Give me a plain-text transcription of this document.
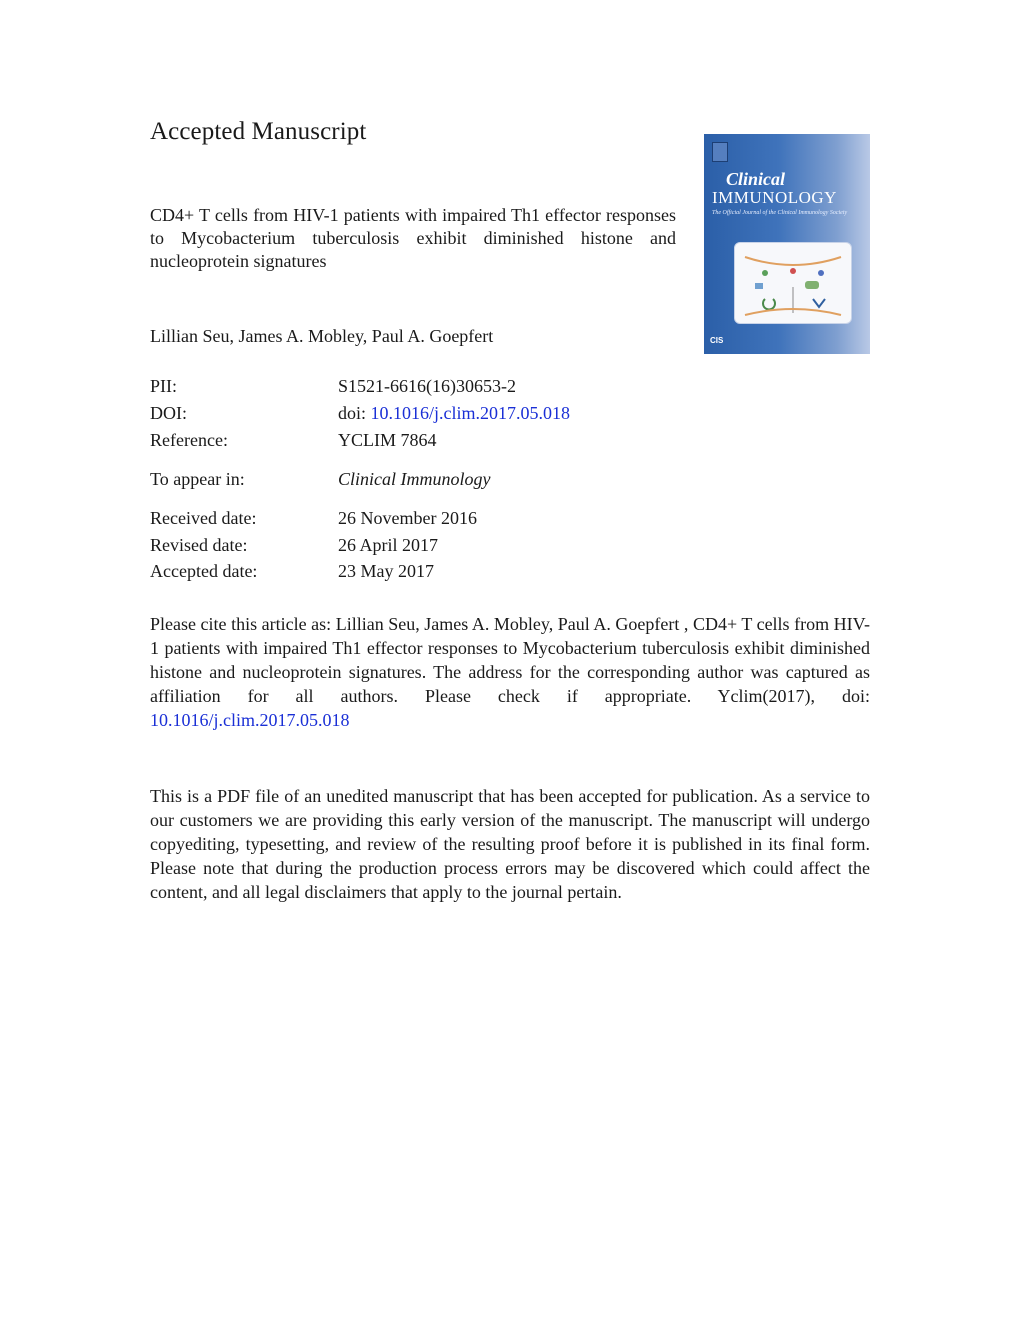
Accepted Manuscript
CD4+ T cells from HIV-1 patients with impaired Th1 effector responses to Mycobacterium tuberculosis exhibit diminished histone and nucleoprotein signatures
Lillian Seu, James A. Mobley, Paul A. Goepfert
Clinical
IMMUNOLOGY
The Official Journal of the Clinical Immunology Society
CIS
PII:	S1521-6616(16)30653-2
DOI:	doi: 10.1016/j.clim.2017.05.018
Reference:	YCLIM 7864
To appear in:	Clinical Immunology
Received date:	26 November 2016
Revised date:	26 April 2017
Accepted date:	23 May 2017
Please cite this article as: Lillian Seu, James A. Mobley, Paul A. Goepfert , CD4+ T cells from HIV-1 patients with impaired Th1 effector responses to Mycobacterium tuberculosis exhibit diminished histone and nucleoprotein signatures. The address for the corresponding author was captured as affiliation for all authors. Please check if appropriate. Yclim(2017), doi: 10.1016/j.clim.2017.05.018
This is a PDF file of an unedited manuscript that has been accepted for publication. As a service to our customers we are providing this early version of the manuscript. The manuscript will undergo copyediting, typesetting, and review of the resulting proof before it is published in its final form. Please note that during the production process errors may be discovered which could affect the content, and all legal disclaimers that apply to the journal pertain.
